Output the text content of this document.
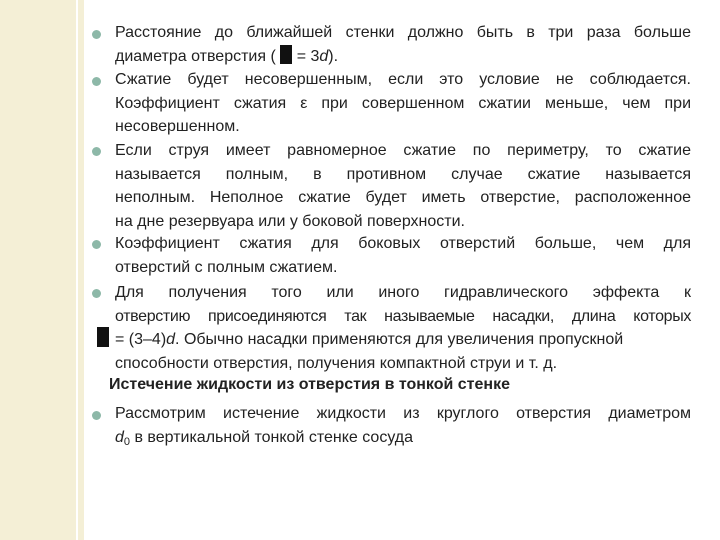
Расстояние до ближайшей стенки должно быть в три раза больше
диаметра отверстия (  = 3d).
Сжатие будет несовершенным, если это условие не соблюдается.
Коэффициент сжатия ε при совершенном сжатии меньше, чем при
несовершенном.
Если струя имеет равномерное сжатие по периметру, то сжатие
называется полным, в противном случае сжатие называется
неполным. Неполное сжатие будет иметь отверстие, расположенное
на дне резервуара или у боковой поверхности.
Коэффициент сжатия для боковых отверстий больше, чем для
отверстий с полным сжатием.
Для получения того или иного гидравлического эффекта к
отверстию присоединяются так называемые насадки, длина которых
= (3–4)d. Обычно насадки применяются для увеличения пропускной
способности отверстия, получения компактной струи и т. д.
Истечение жидкости из отверстия в тонкой стенке
Рассмотрим истечение жидкости из круглого отверстия диаметром
$d_0$ в вертикальной тонкой стенке сосуда
